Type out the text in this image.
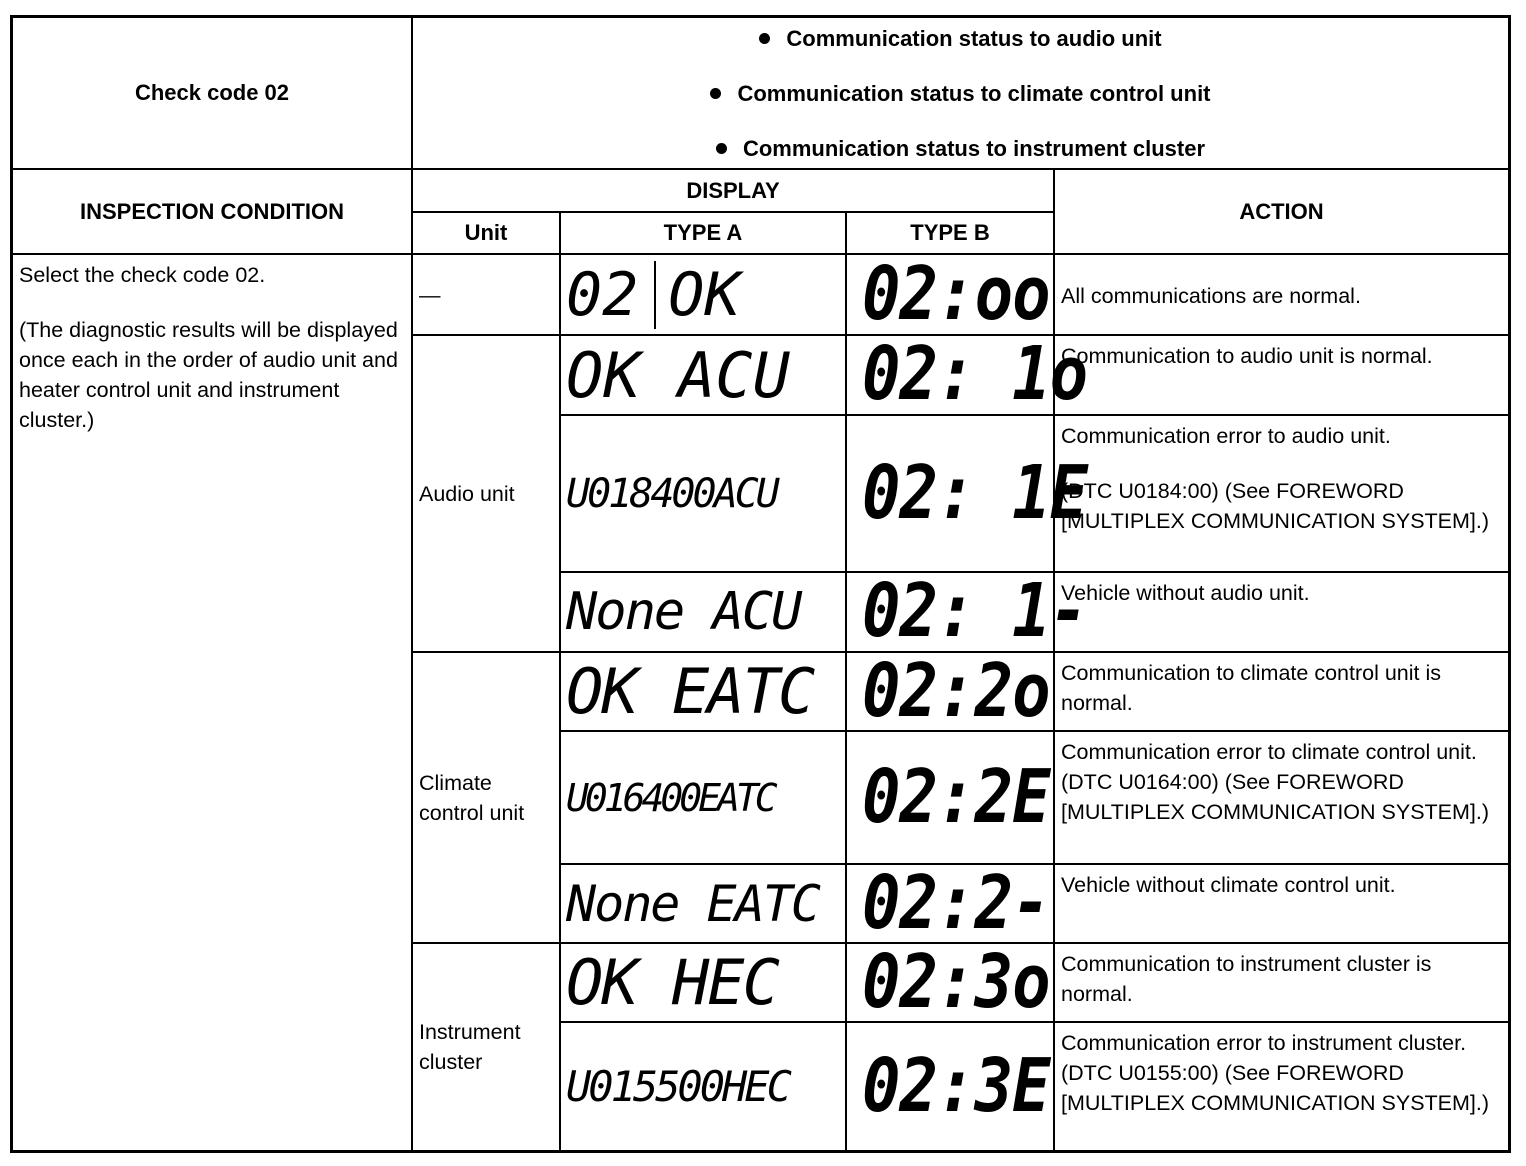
Check code 02
Communication status to audio unit
Communication status to climate control unit
Communication status to instrument cluster
INSPECTION CONDITION
DISPLAY
ACTION
Unit	TYPE A	TYPE B

Select the check code 02.

(The diagnostic results will be displayed once each in the order of audio unit and heater control unit and instrument cluster.)

—
Audio unit
Climate control unit
Instrument cluster
02 OK 02:oo All communications are normal.
OK ACU 02: 1o
Communication to audio unit is normal.
U018400ACU 02: 1E
Communication error to audio unit.
(DTC U0184:00) (See FOREWORD [MULTIPLEX COMMUNICATION SYSTEM].)
None ACU 02: 1-
Vehicle without audio unit.
OK EATC 02:2o Communication to climate control unit is normal.
U016400EATC 02:2E
Communication error to climate control unit. (DTC U0164:00) (See FOREWORD [MULTIPLEX COMMUNICATION SYSTEM].)
None EATC 02:2- Vehicle without climate control unit.
OK HEC 02:3o Communication to instrument cluster is normal.
U015500HEC 02:3E
Communication error to instrument cluster. (DTC U0155:00) (See FOREWORD [MULTIPLEX COMMUNICATION SYSTEM].)
